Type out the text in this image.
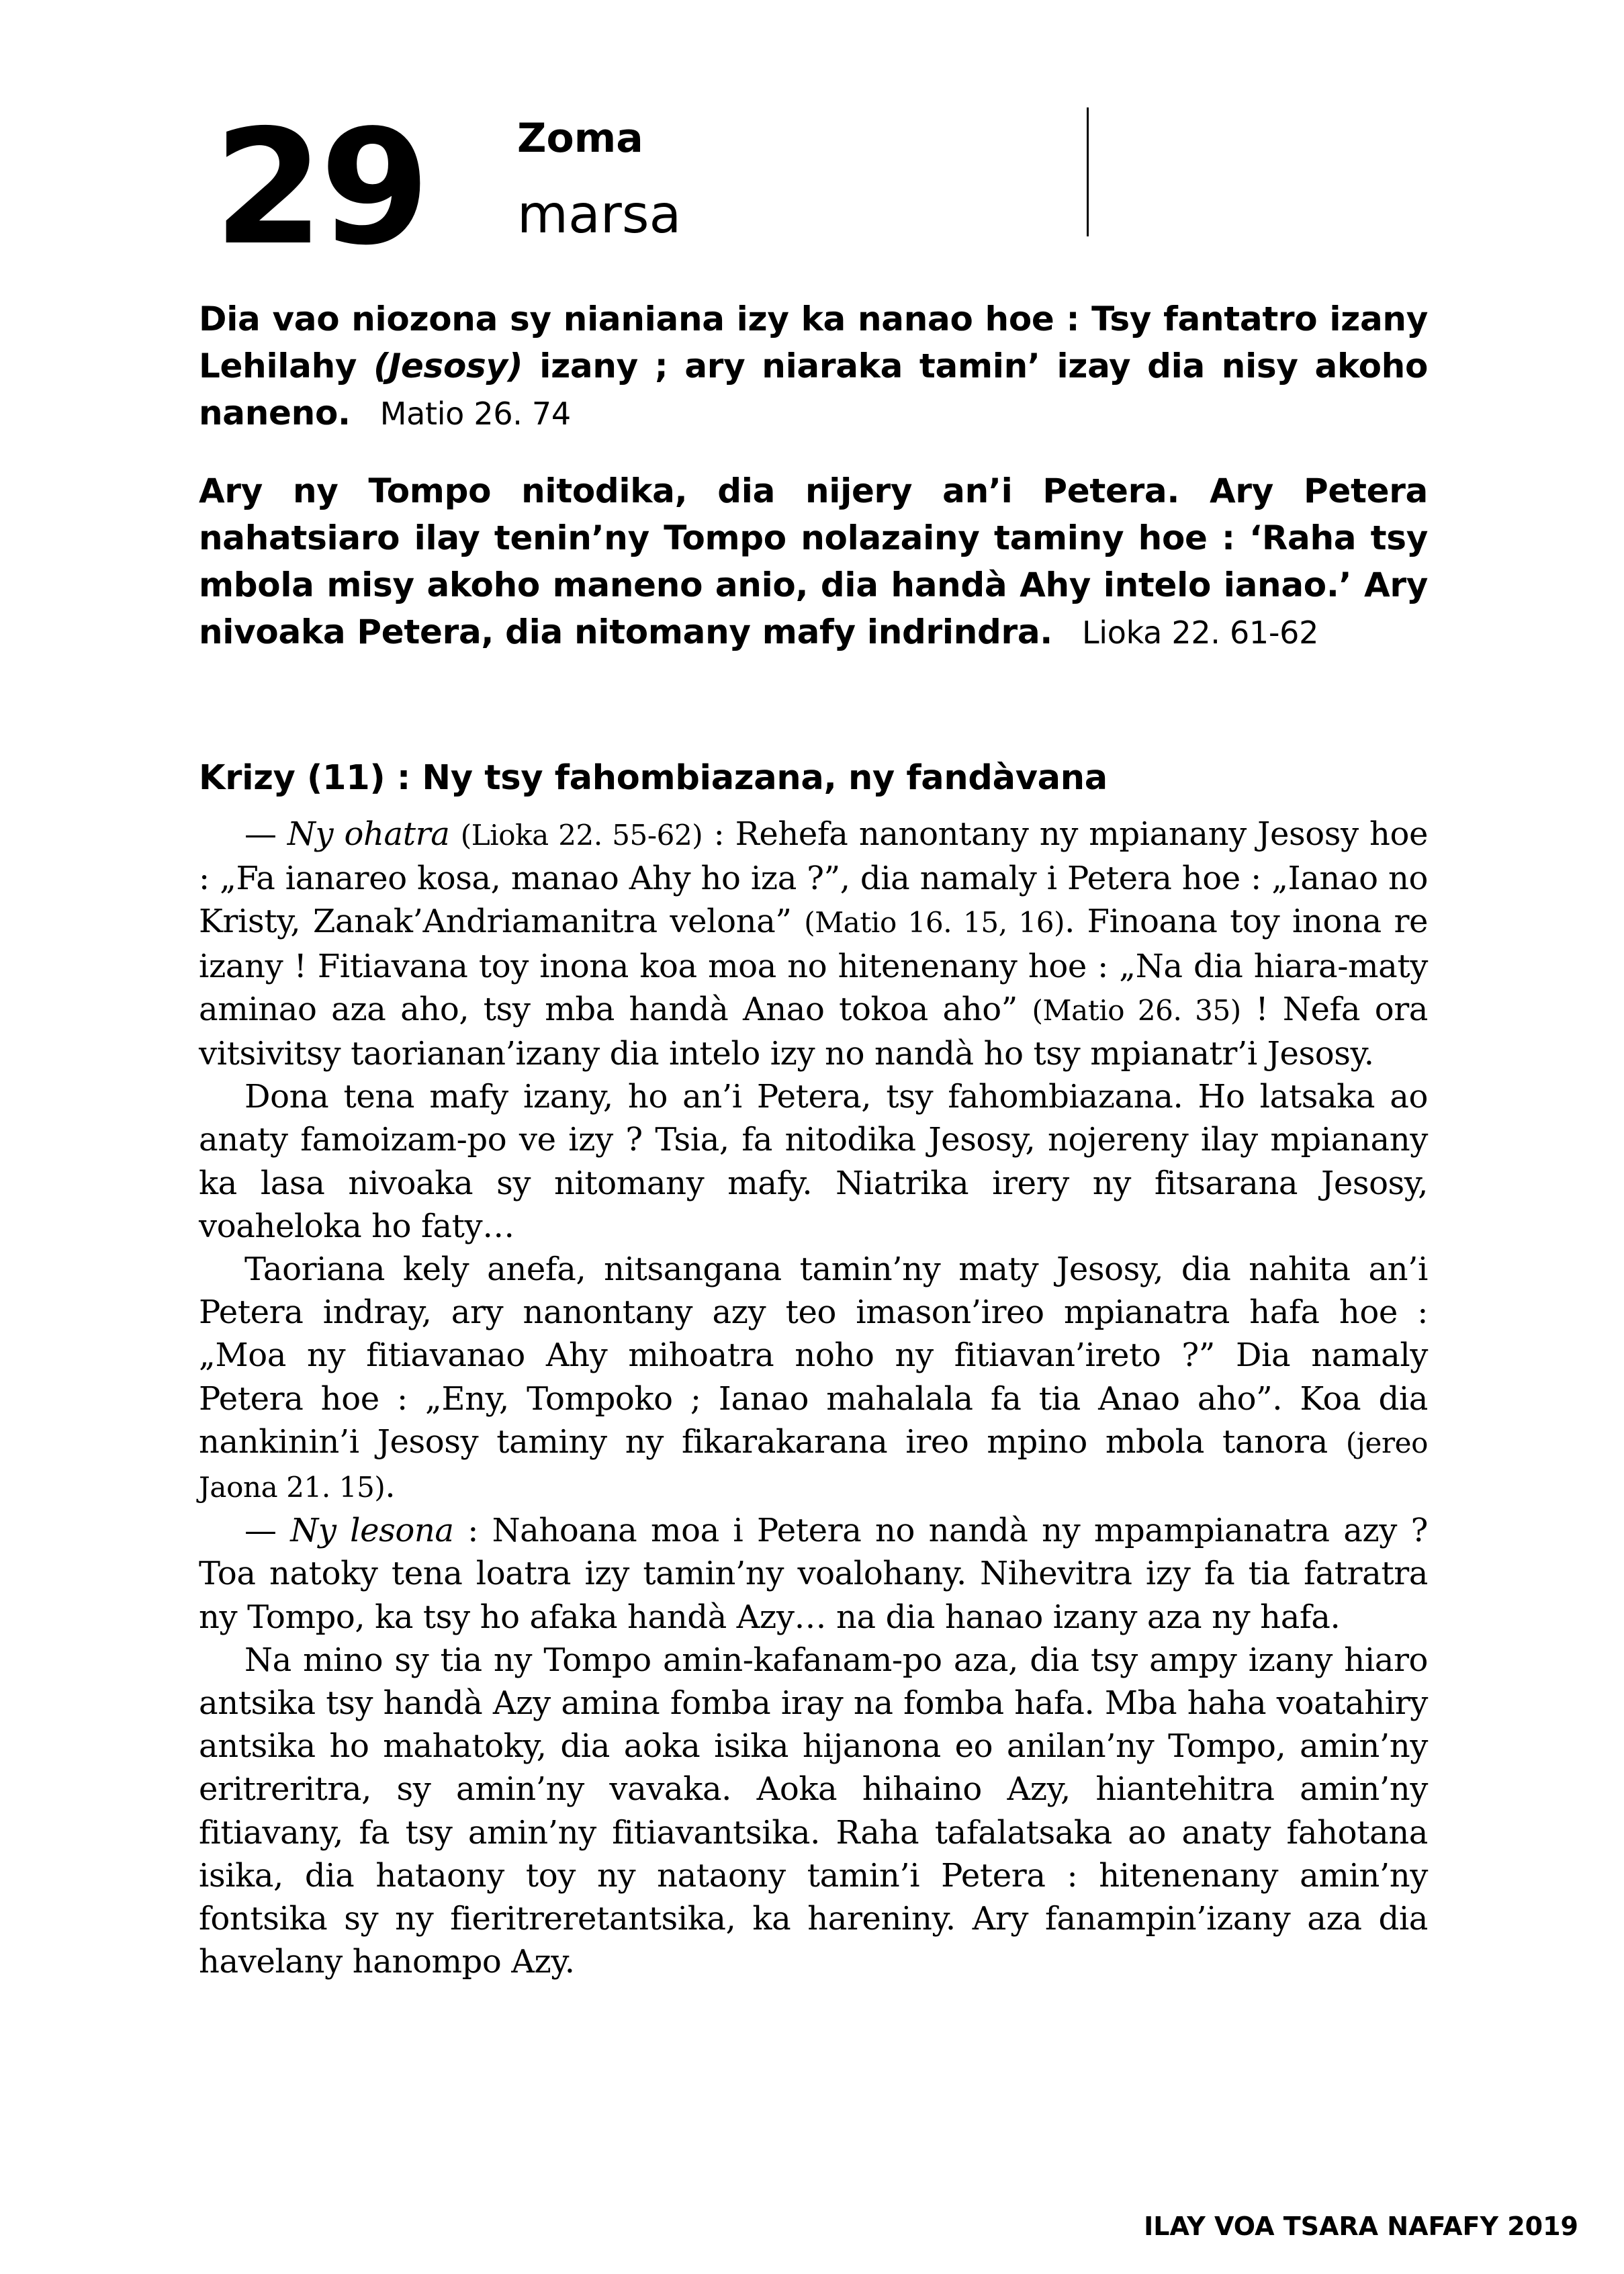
29 Zoma
marsa

Dia vao niozona sy nianiana izy ka nanao hoe : Tsy fantatro izany Lehilahy (Jesosy) izany ; ary niaraka tamin’ izay dia nisy akoho naneno. Matio 26. 74

Ary ny Tompo nitodika, dia nijery an’i Petera. Ary Petera nahatsiaro ilay tenin’ny Tompo nolazainy taminy hoe : ‘Raha tsy mbola misy akoho maneno anio, dia handà Ahy intelo ianao.’ Ary nivoaka Petera, dia nitomany mafy indrindra. Lioka 22. 61-62

Krizy (11) : Ny tsy fahombiazana, ny fandàvana

— Ny ohatra (Lioka 22. 55-62) : Rehefa nanontany ny mpianany Jesosy hoe : „Fa ianareo kosa, manao Ahy ho iza ?”, dia namaly i Petera hoe : „Ianao no Kristy, Zanak’Andriamanitra velona” (Matio 16. 15, 16). Finoana toy inona re izany ! Fitiavana toy inona koa moa no hitenenany hoe : „Na dia hiara-maty aminao aza aho, tsy mba handà Anao tokoa aho” (Matio 26. 35) ! Nefa ora vitsivitsy taorianan’izany dia intelo izy no nandà ho tsy mpianatr’i Jesosy.

Dona tena mafy izany, ho an’i Petera, tsy fahombiazana. Ho latsaka ao anaty famoizam-po ve izy ? Tsia, fa nitodika Jesosy, nojereny ilay mpianany ka lasa nivoaka sy nitomany mafy. Niatrika irery ny fitsarana Jesosy, voaheloka ho faty…

Taoriana kely anefa, nitsangana tamin’ny maty Jesosy, dia nahita an’i Petera indray, ary nanontany azy teo imason’ireo mpianatra hafa hoe : „Moa ny fitiavanao Ahy mihoatra noho ny fitiavan’ireto ?” Dia namaly Petera hoe : „Eny, Tompoko ; Ianao mahalala fa tia Anao aho”. Koa dia nankinin’i Jesosy taminy ny fikarakarana ireo mpino mbola tanora (jereo Jaona 21. 15).

— Ny lesona : Nahoana moa i Petera no nandà ny mpampianatra azy ? Toa natoky tena loatra izy tamin’ny voalohany. Nihevitra izy fa tia fatratra ny Tompo, ka tsy ho afaka handà Azy… na dia hanao izany aza ny hafa.

Na mino sy tia ny Tompo amin-kafanam-po aza, dia tsy ampy izany hiaro antsika tsy handà Azy amina fomba iray na fomba hafa. Mba haha voatahiry antsika ho mahatoky, dia aoka isika hijanona eo anilan’ny Tompo, amin’ny eritreritra, sy amin’ny vavaka. Aoka hihaino Azy, hiantehitra amin’ny fitiavany, fa tsy amin’ny fitiavantsika. Raha tafalatsaka ao anaty fahotana isika, dia hataony toy ny nataony tamin’i Petera : hitenenany amin’ny fontsika sy ny fieritreretantsika, ka hareniny. Ary fanampin’izany aza dia havelany hanompo Azy.

ILAY VOA TSARA NAFAFY 2019
